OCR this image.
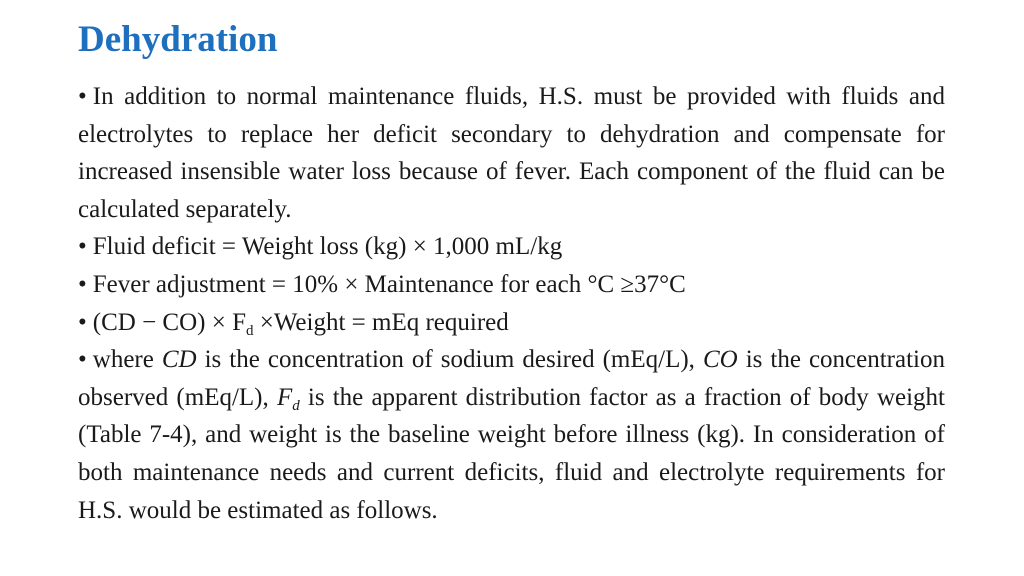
Dehydration

• In addition to normal maintenance fluids, H.S. must be provided with fluids and electrolytes to replace her deficit secondary to dehydration and compensate for increased insensible water loss because of fever. Each component of the fluid can be calculated separately.

• Fluid deficit = Weight loss (kg) × 1,000 mL/kg

• Fever adjustment = 10% × Maintenance for each °C ≥37°C

• $(CD - CO) \times F_d$ ×Weight = mEq required

• where CD is the concentration of sodium desired (mEq/L), CO is the concentration observed (mEq/L), $F_d$ is the apparent distribution factor as a fraction of body weight (Table 7-4), and weight is the baseline weight before illness (kg). In consideration of both maintenance needs and current deficits, fluid and electrolyte requirements for H.S. would be estimated as follows.
